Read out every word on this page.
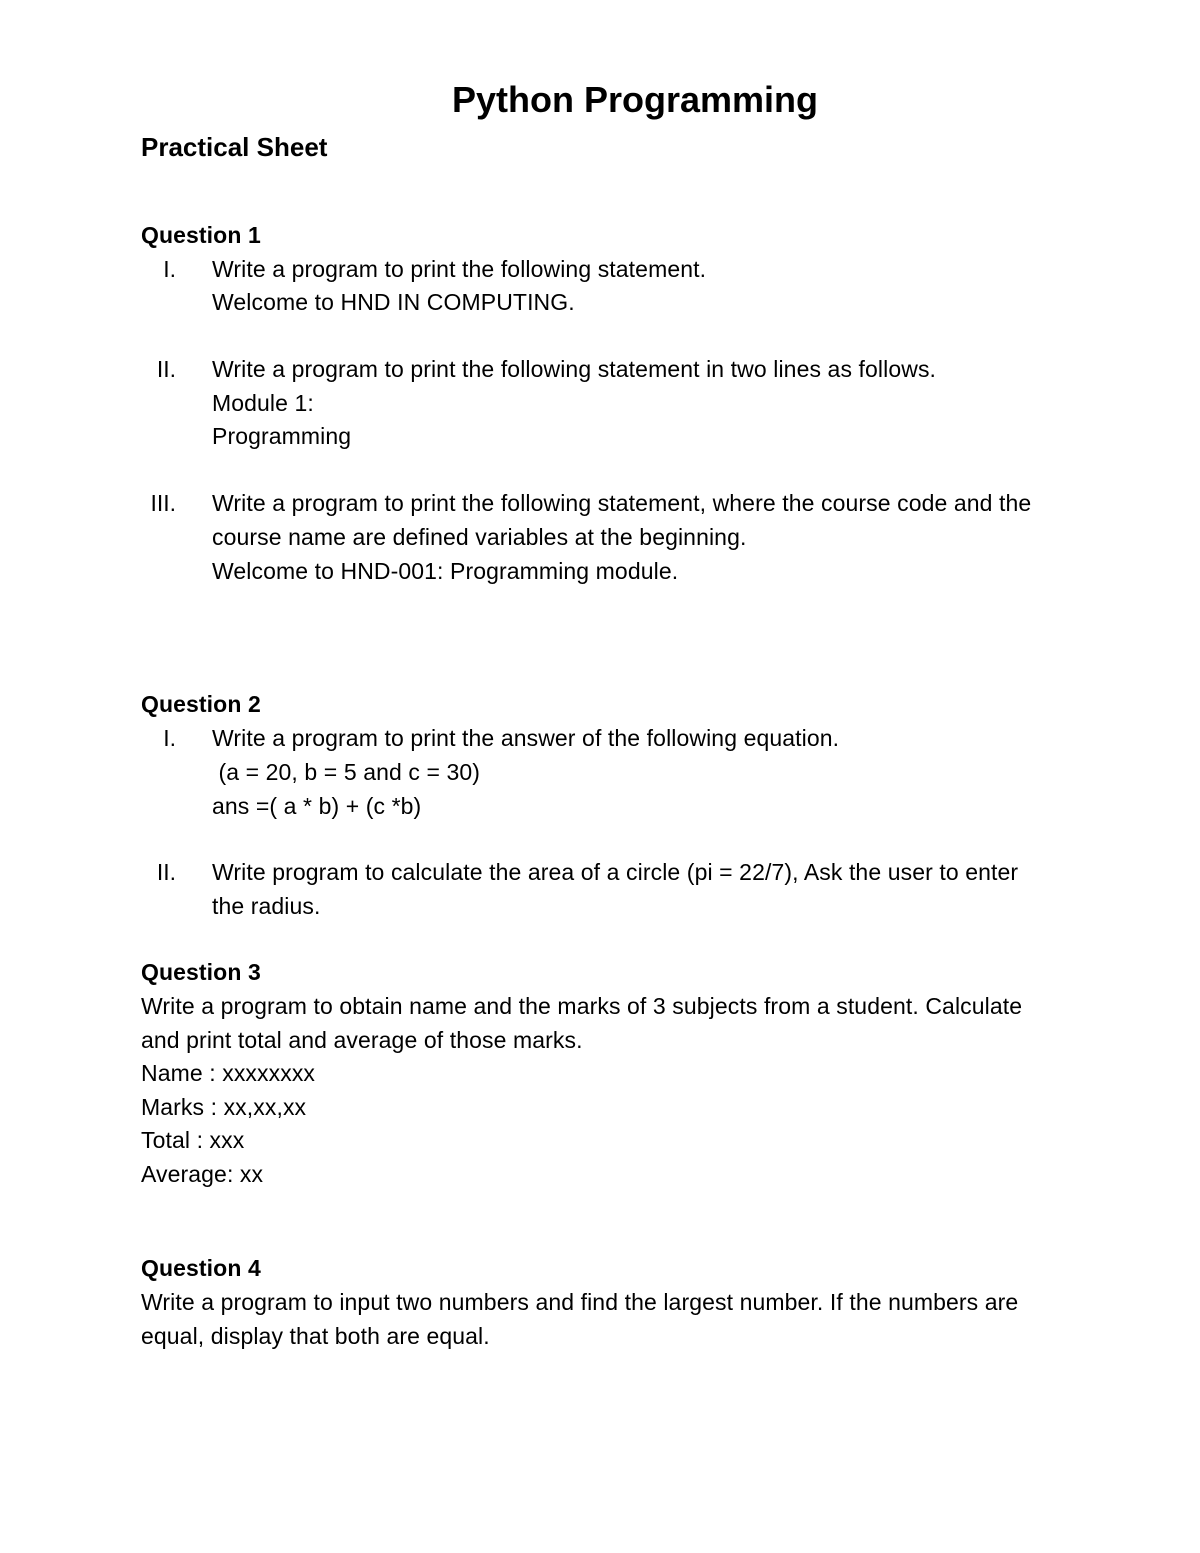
Python Programming
Practical Sheet
Question 1
I. Write a program to print the following statement.
Welcome to HND IN COMPUTING.
II. Write a program to print the following statement in two lines as follows.
Module 1:
Programming
III. Write a program to print the following statement, where the course code and the
course name are defined variables at the beginning.
Welcome to HND-001: Programming module.
Question 2
I. Write a program to print the answer of the following equation.
(a = 20, b = 5 and c = 30)
ans =( a * b) + (c *b)
II. Write program to calculate the area of a circle (pi = 22/7), Ask the user to enter
the radius.
Question 3
Write a program to obtain name and the marks of 3 subjects from a student. Calculate
and print total and average of those marks.
Name : xxxxxxxx
Marks : xx,xx,xx
Total : xxx
Average: xx
Question 4
Write a program to input two numbers and find the largest number. If the numbers are
equal, display that both are equal.
